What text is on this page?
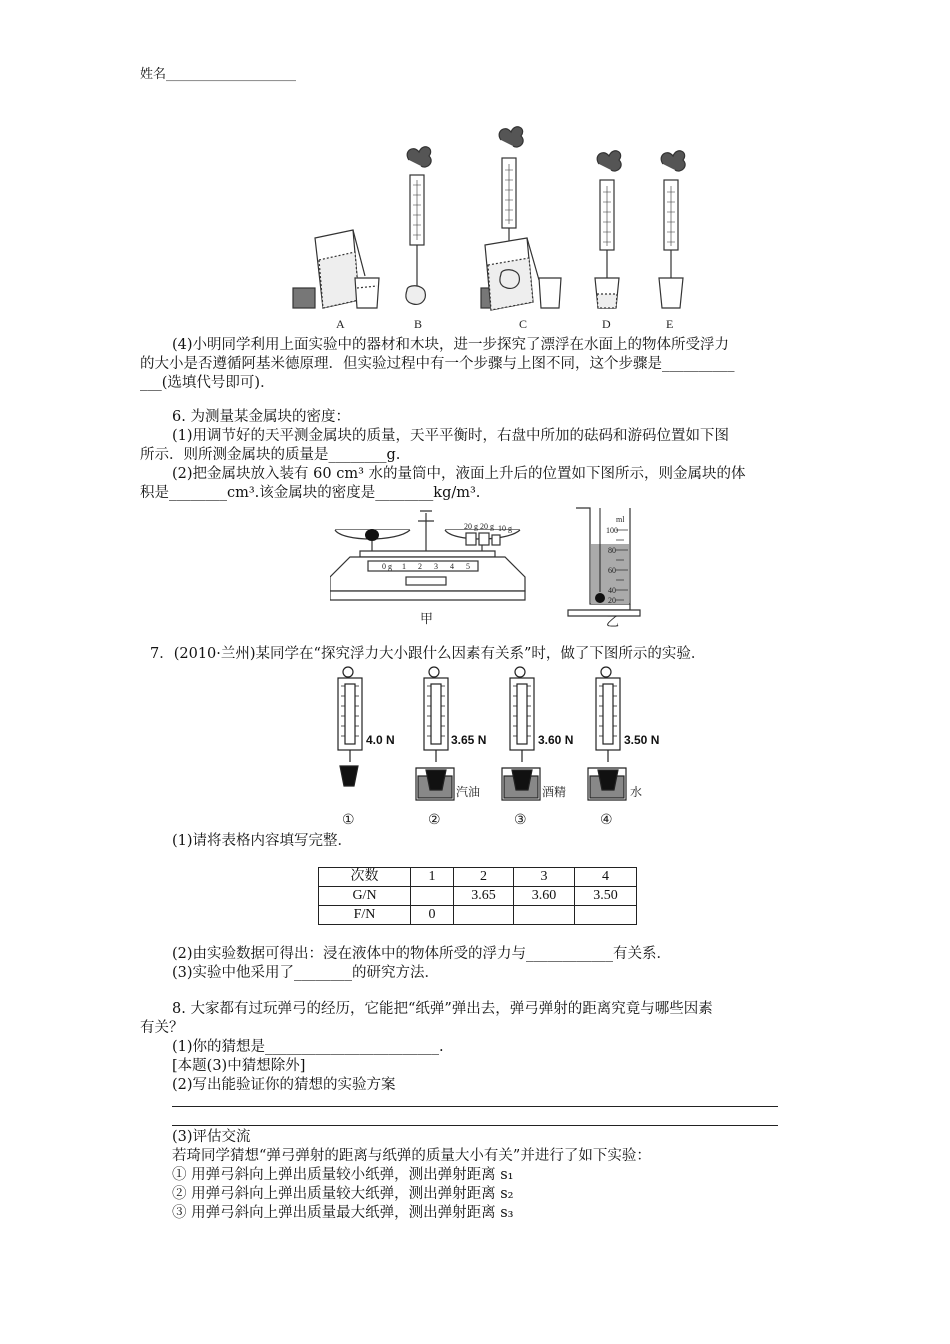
姓名____________________
A	B	C	D	E
(4)小明同学利用上面实验中的器材和木块，进一步探究了漂浮在水面上的物体所受浮力
的大小是否遵循阿基米德原理．但实验过程中有一个步骤与上图不同，这个步骤是__________
___(选填代号即可)．
6. 为测量某金属块的密度：
(1)用调节好的天平测金属块的质量，天平平衡时，右盘中所加的砝码和游码位置如下图
所示．则所测金属块的质量是________g.
(2)把金属块放入装有 60 cm³ 水的量筒中，液面上升后的位置如下图所示，则金属块的体
积是________cm³.该金属块的密度是________kg/m³.
20 g 20 g 10 g
0 g 1 2 3 4 5
甲
ml
100
80
60
40
20
乙
7．(2010·兰州)某同学在“探究浮力大小跟什么因素有关系”时，做了下图所示的实验．
4.0 N	3.65 N	3.60 N	3.50 N
汽油	酒精	水
①	②	③	④
(1)请将表格内容填写完整．
次数	1	2	3	4
G/N		3.65	3.60	3.50
F/N	0			
(2)由实验数据可得出：浸在液体中的物体所受的浮力与____________有关系．
(3)实验中他采用了________的研究方法．
8. 大家都有过玩弹弓的经历，它能把“纸弹”弹出去，弹弓弹射的距离究竟与哪些因素
有关？
(1)你的猜想是________________________.
[本题(3)中猜想除外]
(2)写出能验证你的猜想的实验方案
(3)评估交流
若琦同学猜想“弹弓弹射的距离与纸弹的质量大小有关”并进行了如下实验：
① 用弹弓斜向上弹出质量较小纸弹，测出弹射距离 s₁
② 用弹弓斜向上弹出质量较大纸弹，测出弹射距离 s₂
③ 用弹弓斜向上弹出质量最大纸弹，测出弹射距离 s₃
